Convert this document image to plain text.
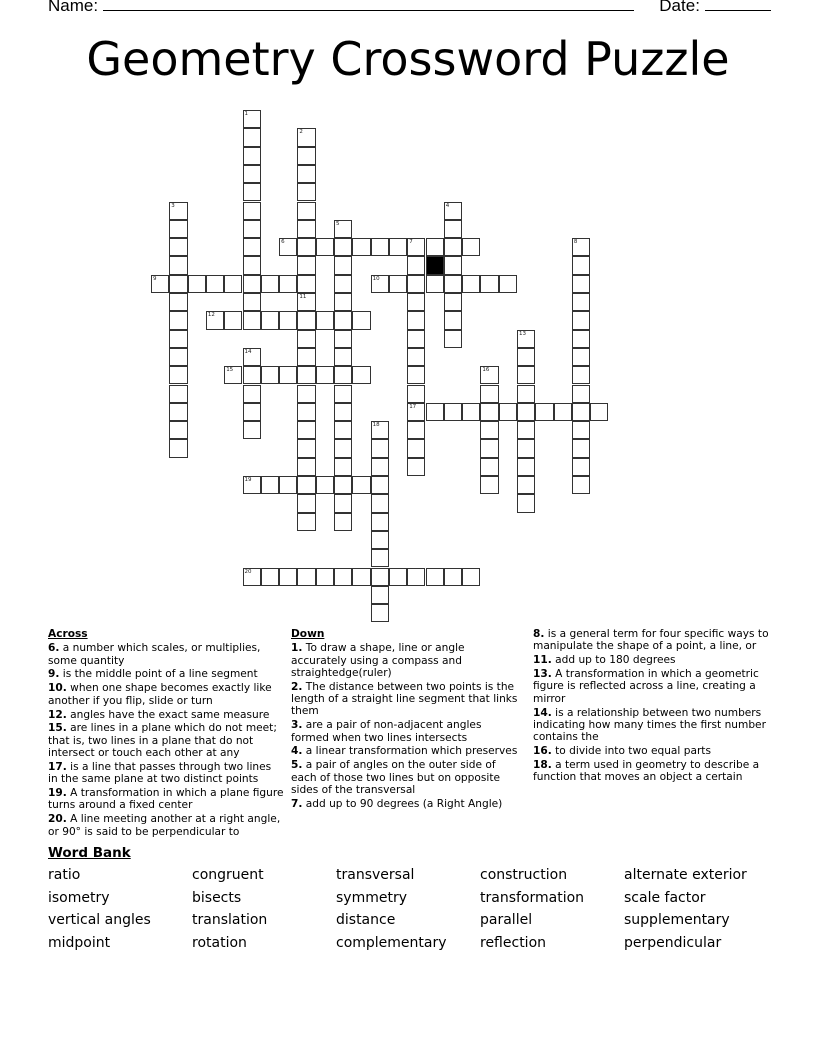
Name:	Date:
Geometry Crossword Puzzle
1
2
3	4
5
6	7
17
8
9	10
11
12
13
14
15	16
18
19
20
Across
6. a number which scales, or multiplies, some quantity
9. is the middle point of a line segment
10. when one shape becomes exactly like another if you flip, slide or turn
12. angles have the exact same measure
15. are lines in a plane which do not meet; that is, two lines in a plane that do not intersect or touch each other at any
17. is a line that passes through two lines in the same plane at two distinct points
19. A transformation in which a plane figure turns around a fixed center
20. A line meeting another at a right angle, or 90° is said to be perpendicular to
Down
1. To draw a shape, line or angle accurately using a compass and straightedge(ruler)
2. The distance between two points is the length of a straight line segment that links them
3. are a pair of non-adjacent angles formed when two lines intersects
4. a linear transformation which preserves
5. a pair of angles on the outer side of each of those two lines but on opposite sides of the transversal
7. add up to 90 degrees (a Right Angle)
8. is a general term for four specific ways to manipulate the shape of a point, a line, or
11. add up to 180 degrees
13. A transformation in which a geometric figure is reflected across a line, creating a mirror
14. is a relationship between two numbers indicating how many times the first number contains the
16. to divide into two equal parts
18. a term used in geometry to describe a function that moves an object a certain
Word Bank
ratio	congruent	transversal	construction	alternate exterior
isometry	bisects	symmetry	transformation	scale factor
vertical angles	translation	distance	parallel	supplementary
midpoint	rotation	complementary	reflection	perpendicular
